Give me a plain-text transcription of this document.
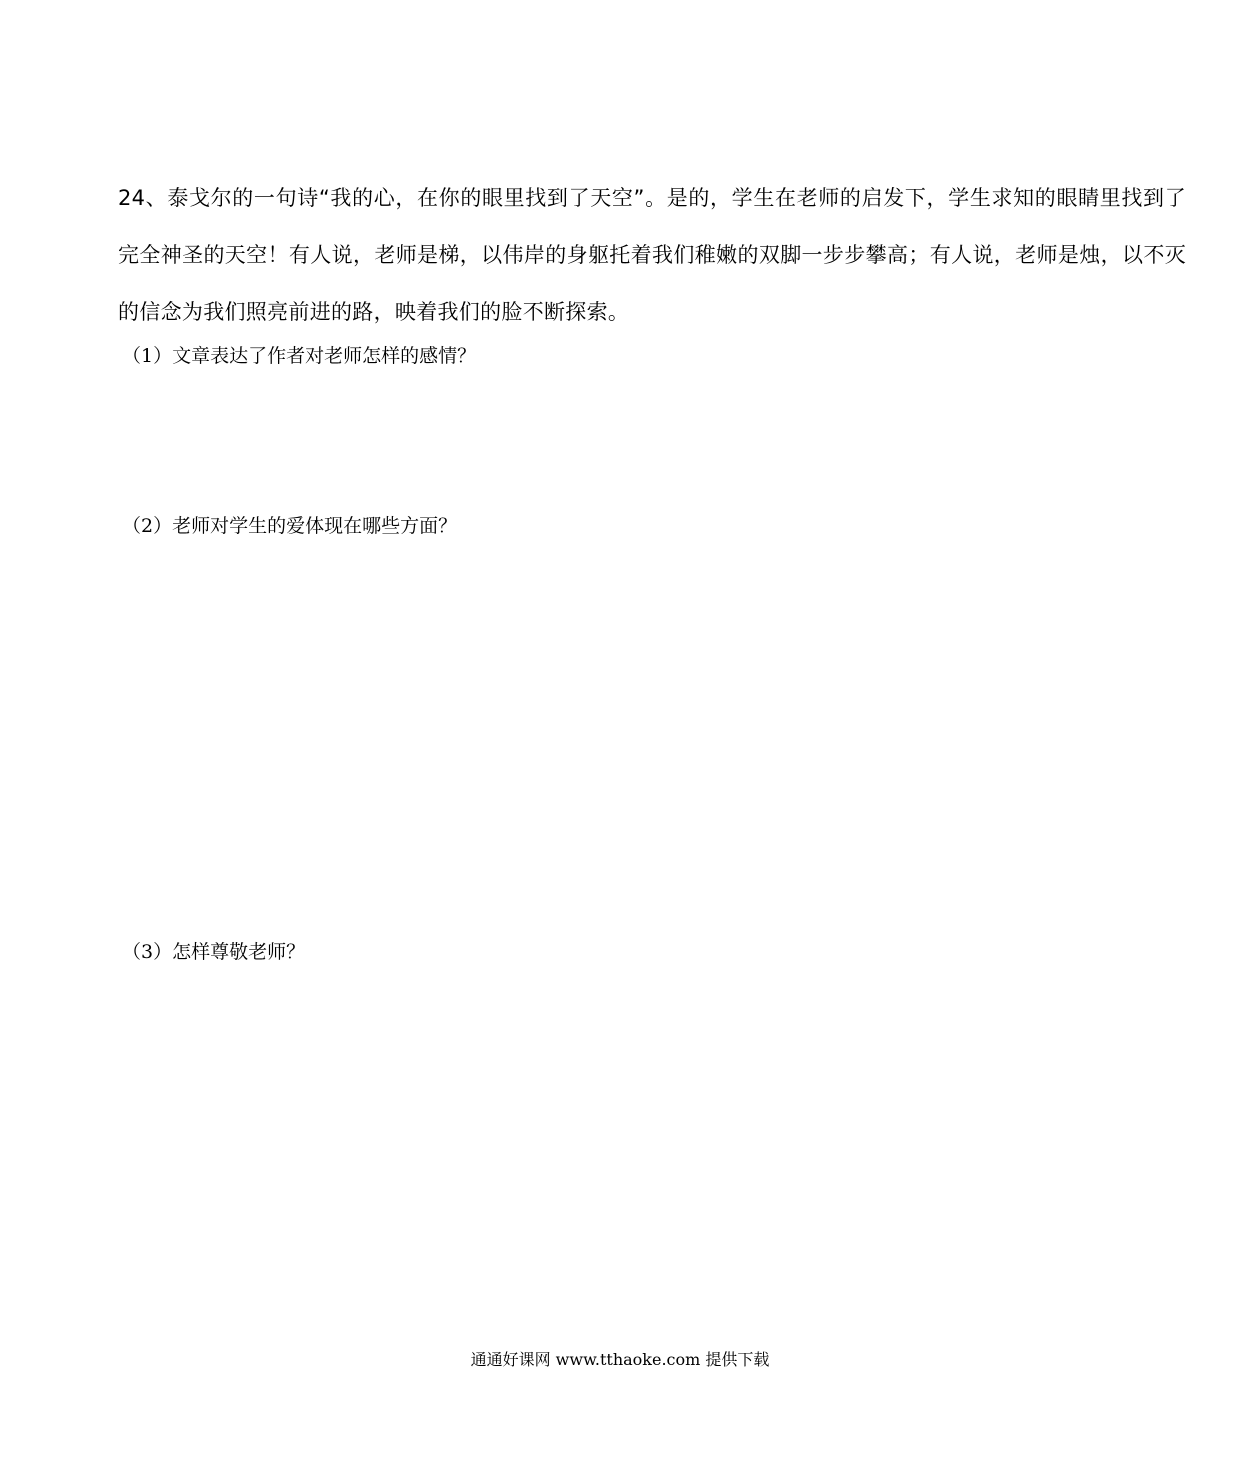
24、泰戈尔的一句诗“我的心，在你的眼里找到了天空”。是的，学生在老师的启发下，学生求知的眼睛里找到了完全神圣的天空！有人说，老师是梯，以伟岸的身躯托着我们稚嫩的双脚一步步攀高；有人说，老师是烛，以不灭的信念为我们照亮前进的路，映着我们的脸不断探索。

（1）文章表达了作者对老师怎样的感情？

（2）老师对学生的爱体现在哪些方面？

（3）怎样尊敬老师？

通通好课网 www.tthaoke.com 提供下载
